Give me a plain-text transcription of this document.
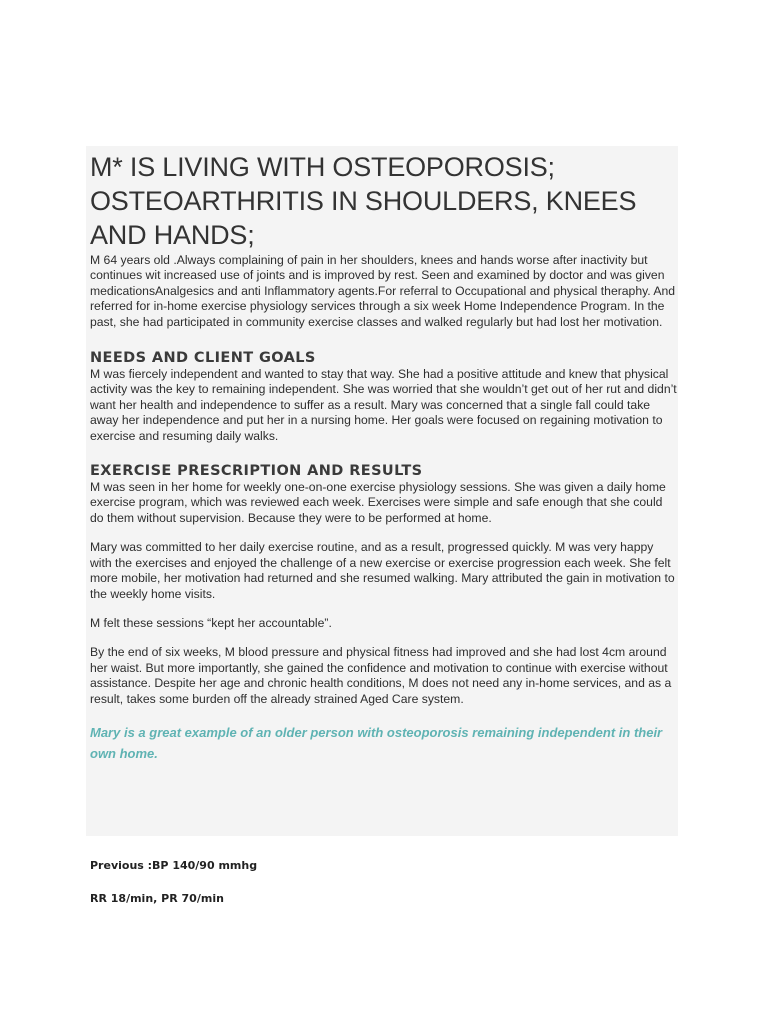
M* IS LIVING WITH OSTEOPOROSIS; OSTEOARTHRITIS IN SHOULDERS, KNEES AND HANDS;

M 64 years old .Always complaining of pain in her shoulders, knees and hands worse after inactivity but continues wit increased use of joints and is improved by rest. Seen and examined by doctor and was given medicationsAnalgesics and anti Inflammatory agents.For referral to Occupational and physical theraphy. And referred for in-home exercise physiology services through a six week Home Independence Program. In the past, she had participated in community exercise classes and walked regularly but had lost her motivation.

NEEDS AND CLIENT GOALS

M was fiercely independent and wanted to stay that way. She had a positive attitude and knew that physical activity was the key to remaining independent. She was worried that she wouldn’t get out of her rut and didn’t want her health and independence to suffer as a result. Mary was concerned that a single fall could take away her independence and put her in a nursing home. Her goals were focused on regaining motivation to exercise and resuming daily walks.

EXERCISE PRESCRIPTION AND RESULTS

M was seen in her home for weekly one-on-one exercise physiology sessions. She was given a daily home exercise program, which was reviewed each week. Exercises were simple and safe enough that she could do them without supervision. Because they were to be performed at home.

Mary was committed to her daily exercise routine, and as a result, progressed quickly. M was very happy with the exercises and enjoyed the challenge of a new exercise or exercise progression each week. She felt more mobile, her motivation had returned and she resumed walking. Mary attributed the gain in motivation to the weekly home visits.

M felt these sessions “kept her accountable”.

By the end of six weeks, M blood pressure and physical fitness had improved and she had lost 4cm around her waist. But more importantly, she gained the confidence and motivation to continue with exercise without assistance. Despite her age and chronic health conditions, M does not need any in-home services, and as a result, takes some burden off the already strained Aged Care system.

Mary is a great example of an older person with osteoporosis remaining independent in their own home.

Previous :BP 140/90 mmhg

RR 18/min, PR 70/min
